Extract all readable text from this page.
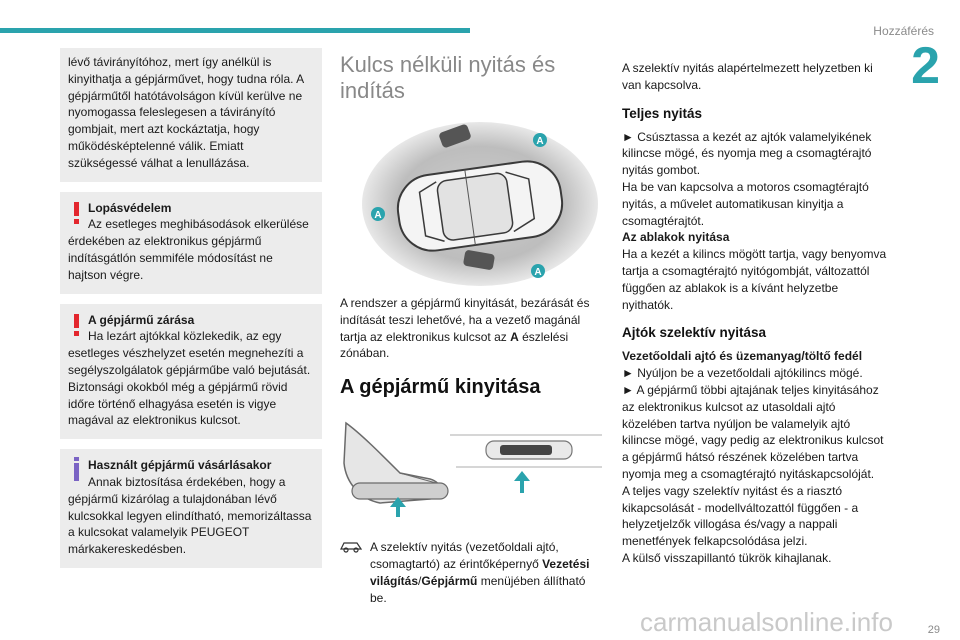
Hozzáférés
2

lévő távirányítóhoz, mert így anélkül is kinyithatja a gépjárművet, hogy tudna róla. A gépjárműtől hatótávolságon kívül kerülve ne nyomogassa feleslegesen a távirányító gombjait, mert azt kockáztatja, hogy működésképtelenné válik. Emiatt szükségessé válhat a lenullázása.

Lopásvédelem
Az esetleges meghibásodások elkerülése érdekében az elektronikus gépjármű indításgátlón semmiféle módosítást ne hajtson végre.
A gépjármű zárása
Ha lezárt ajtókkal közlekedik, az egy esetleges vészhelyzet esetén megnehezíti a segélyszolgálatok gépjárműbe való bejutását. Biztonsági okokból még a gépjármű rövid időre történő elhagyása esetén is vigye magával az elektronikus kulcsot.
Használt gépjármű vásárlásakor
Annak biztosítása érdekében, hogy a gépjármű kizárólag a tulajdonában lévő kulcsokkal legyen elindítható, memorizáltassa a kulcsokat valamelyik PEUGEOT márkakereskedésben.
Kulcs nélküli nyitás és indítás
A
A
A

A rendszer a gépjármű kinyitását, bezárását és indítását teszi lehetővé, ha a vezető magánál tartja az elektronikus kulcsot az A észlelési zónában.

A gépjármű kinyitása
A szelektív nyitás (vezetőoldali ajtó, csomagtartó) az érintőképernyő Vezetési világítás/Gépjármű menüjében állítható be.

A szelektív nyitás alapértelmezett helyzetben ki van kapcsolva.

Teljes nyitás

► Csúsztassa a kezét az ajtók valamelyikének kilincse mögé, és nyomja meg a csomagtérajtó nyitás gombot.

Ha be van kapcsolva a motoros csomagtérajtó nyitás, a művelet automatikusan kinyitja a csomagtérajtót.

Az ablakok nyitása

Ha a kezét a kilincs mögött tartja, vagy benyomva tartja a csomagtérajtó nyitógombját, változattól függően az ablakok is a kívánt helyzetbe nyithatók.

Ajtók szelektív nyitása

Vezetőoldali ajtó és üzemanyag/töltő fedél

► Nyúljon be a vezetőoldali ajtókilincs mögé.

► A gépjármű többi ajtajának teljes kinyitásához az elektronikus kulcsot az utasoldali ajtó közelében tartva nyúljon be valamelyik ajtó kilincse mögé, vagy pedig az elektronikus kulcsot a gépjármű hátsó részének közelében tartva nyomja meg a csomagtérajtó nyitáskapcsolóját.

A teljes vagy szelektív nyitást és a riasztó kikapcsolását - modellváltozattól függően - a helyzetjelzők villogása és/vagy a nappali menetfények felkapcsolódása jelzi.

A külső visszapillantó tükrök kihajlanak.

carmanualsonline.info	29
